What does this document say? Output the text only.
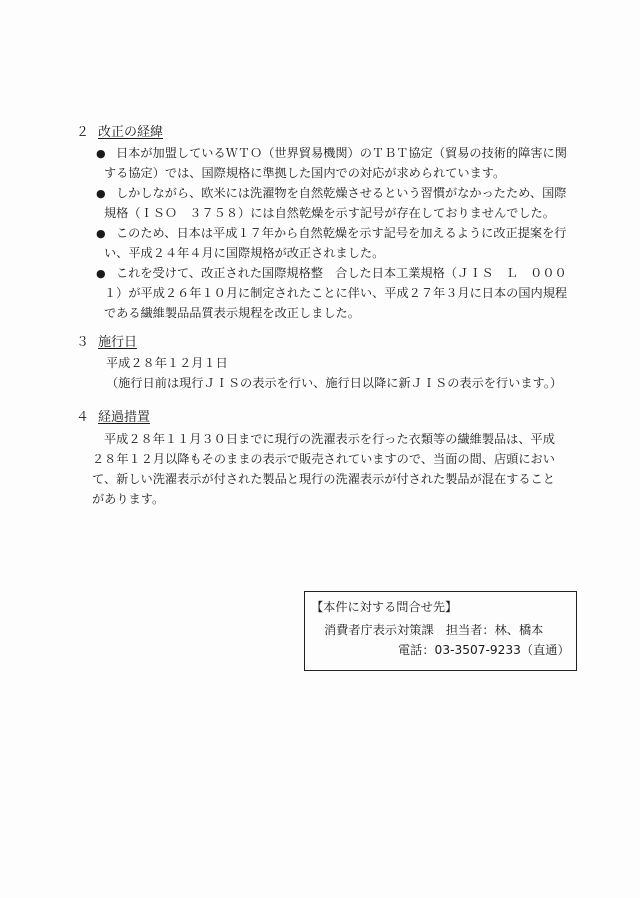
２ 改正の経緯
● 日本が加盟しているＷＴＯ（世界貿易機関）のＴＢＴ協定（貿易の技術的障害に関
する協定）では、国際規格に準拠した国内での対応が求められています。
● しかしながら、欧米には洗濯物を自然乾燥させるという習慣がなかったため、国際
規格（ＩＳＯ　３７５８）には自然乾燥を示す記号が存在しておりませんでした。
● このため、日本は平成１７年から自然乾燥を示す記号を加えるように改正提案を行
い、平成２４年４月に国際規格が改正されました。
● これを受けて、改正された国際規格整　合した日本工業規格（ＪＩＳ　Ｌ　０００
１）が平成２６年１０月に制定されたことに伴い、平成２７年３月に日本の国内規程
である繊維製品品質表示規程を改正しました。
３ 施行日
平成２８年１２月１日
（施行日前は現行ＪＩＳの表示を行い、施行日以降に新ＪＩＳの表示を行います。）
４ 経過措置
平成２８年１１月３０日までに現行の洗濯表示を行った衣類等の繊維製品は、平成
２８年１２月以降もそのままの表示で販売されていますので、当面の間、店頭におい
て、新しい洗濯表示が付された製品と現行の洗濯表示が付された製品が混在すること
があります。
【本件に対する問合せ先】
消費者庁表示対策課　担当者：林、橋本
電話：03-3507-9233（直通）
